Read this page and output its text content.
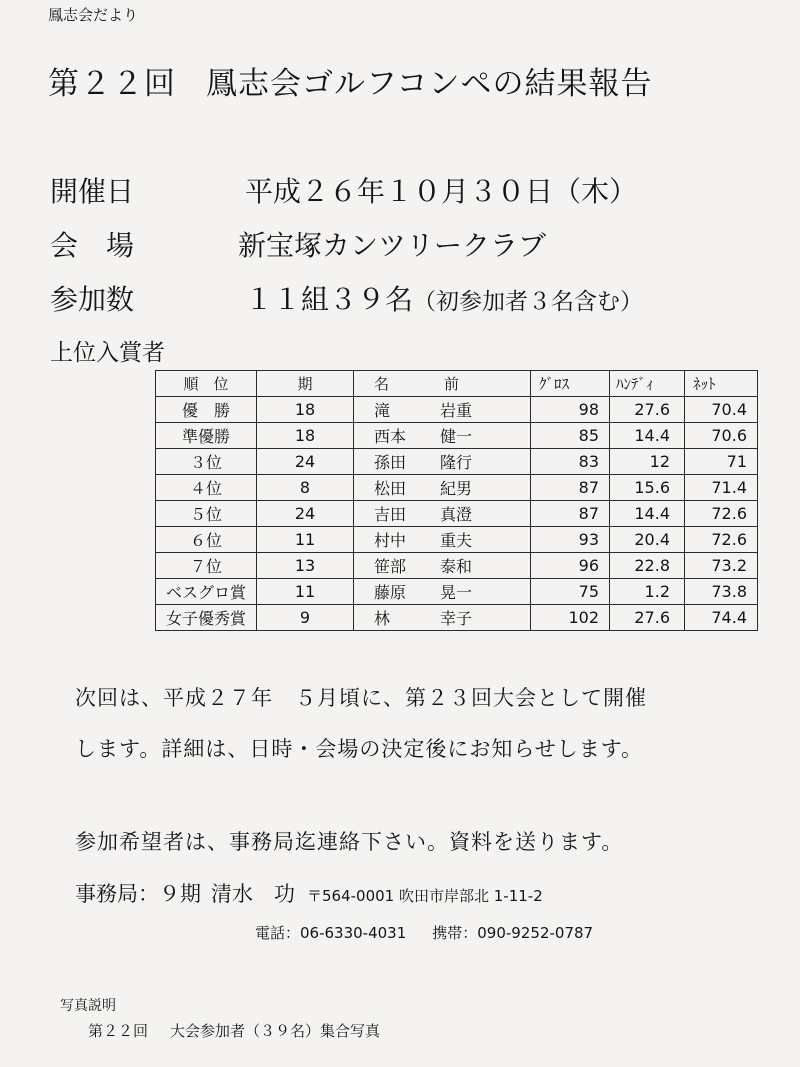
鳳志会だより
第２２回 鳳志会ゴルフコンペの結果報告
開催日	平成２６年１０月３０日（木）
会　場	新宝塚カンツリークラブ
参加数	１１組３９名（初参加者３名含む）
上位入賞者
順　位	期	名 前	ｸﾞﾛｽ	ﾊﾝﾃﾞｨ	ﾈｯﾄ
優　勝	18	滝 岩重	98	27.6	70.4
準優勝	18	西本 健一	85	14.4	70.6
３位	24	孫田 隆行	83	12	71
４位	8	松田 紀男	87	15.6	71.4
５位	24	吉田 真澄	87	14.4	72.6
６位	11	村中 重夫	93	20.4	72.6
７位	13	笹部 泰和	96	22.8	73.2
ベスグロ賞	11	藤原 晃一	75	1.2	73.8
女子優秀賞	9	林 幸子	102	27.6	74.4
次回は、平成２７年　５月頃に、第２３回大会として開催
します。詳細は、日時・会場の決定後にお知らせします。
参加希望者は、事務局迄連絡下さい。資料を送ります。
事務局：９期 清水　功 〒564-0001 吹田市岸部北 1-11-2
電話：06-6330-4031 携帯：090-9252-0787
写真説明
第２２回 大会参加者（３９名）集合写真
